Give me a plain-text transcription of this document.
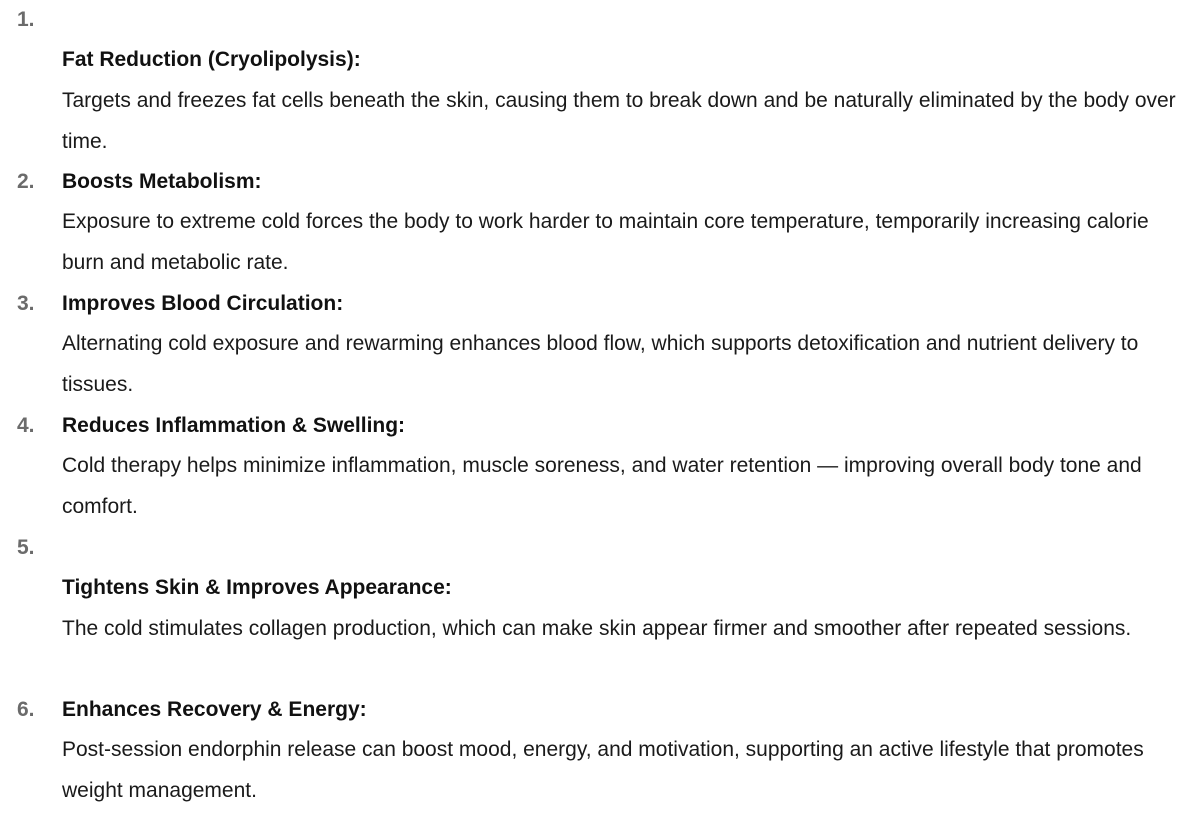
1.
Fat Reduction (Cryolipolysis):
Targets and freezes fat cells beneath the skin, causing them to break down and be naturally eliminated by the body over time.
2. Boosts Metabolism:
Exposure to extreme cold forces the body to work harder to maintain core temperature, temporarily increasing calorie burn and metabolic rate.
3. Improves Blood Circulation:
Alternating cold exposure and rewarming enhances blood flow, which supports detoxification and nutrient delivery to tissues.
4. Reduces Inflammation & Swelling:
Cold therapy helps minimize inflammation, muscle soreness, and water retention — improving overall body tone and comfort.
5.
Tightens Skin & Improves Appearance:
The cold stimulates collagen production, which can make skin appear firmer and smoother after repeated sessions.
6. Enhances Recovery & Energy:
Post-session endorphin release can boost mood, energy, and motivation, supporting an active lifestyle that promotes weight management.
